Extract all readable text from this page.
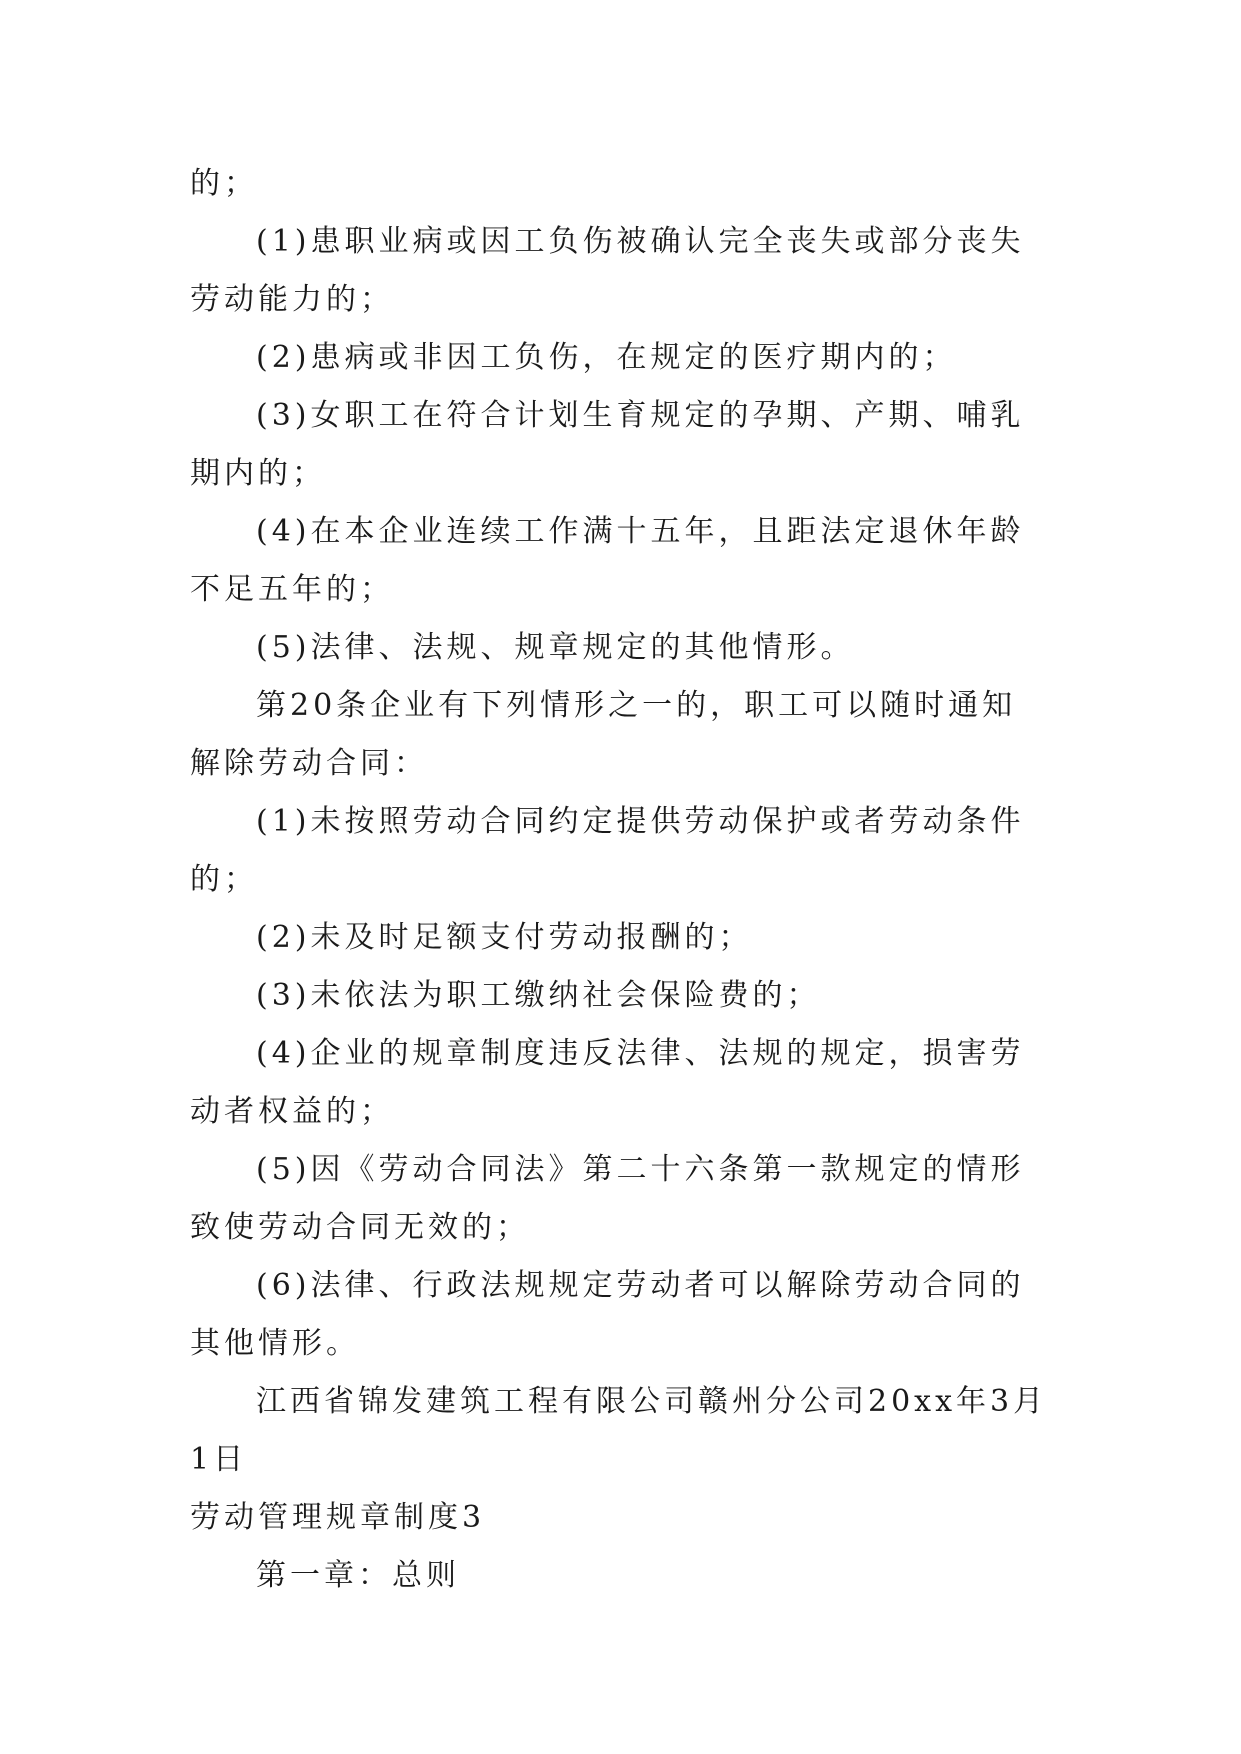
的；

(1)患职业病或因工负伤被确认完全丧失或部分丧失劳动能力的；

(2)患病或非因工负伤，在规定的医疗期内的；

(3)女职工在符合计划生育规定的孕期、产期、哺乳期内的；

(4)在本企业连续工作满十五年，且距法定退休年龄不足五年的；

(5)法律、法规、规章规定的其他情形。

第20条企业有下列情形之一的，职工可以随时通知解除劳动合同：

(1)未按照劳动合同约定提供劳动保护或者劳动条件的；

(2)未及时足额支付劳动报酬的；

(3)未依法为职工缴纳社会保险费的；

(4)企业的规章制度违反法律、法规的规定，损害劳动者权益的；

(5)因《劳动合同法》第二十六条第一款规定的情形致使劳动合同无效的；

(6)法律、行政法规规定劳动者可以解除劳动合同的其他情形。

江西省锦发建筑工程有限公司赣州分公司20xx年3月1日

劳动管理规章制度3

第一章：总则
